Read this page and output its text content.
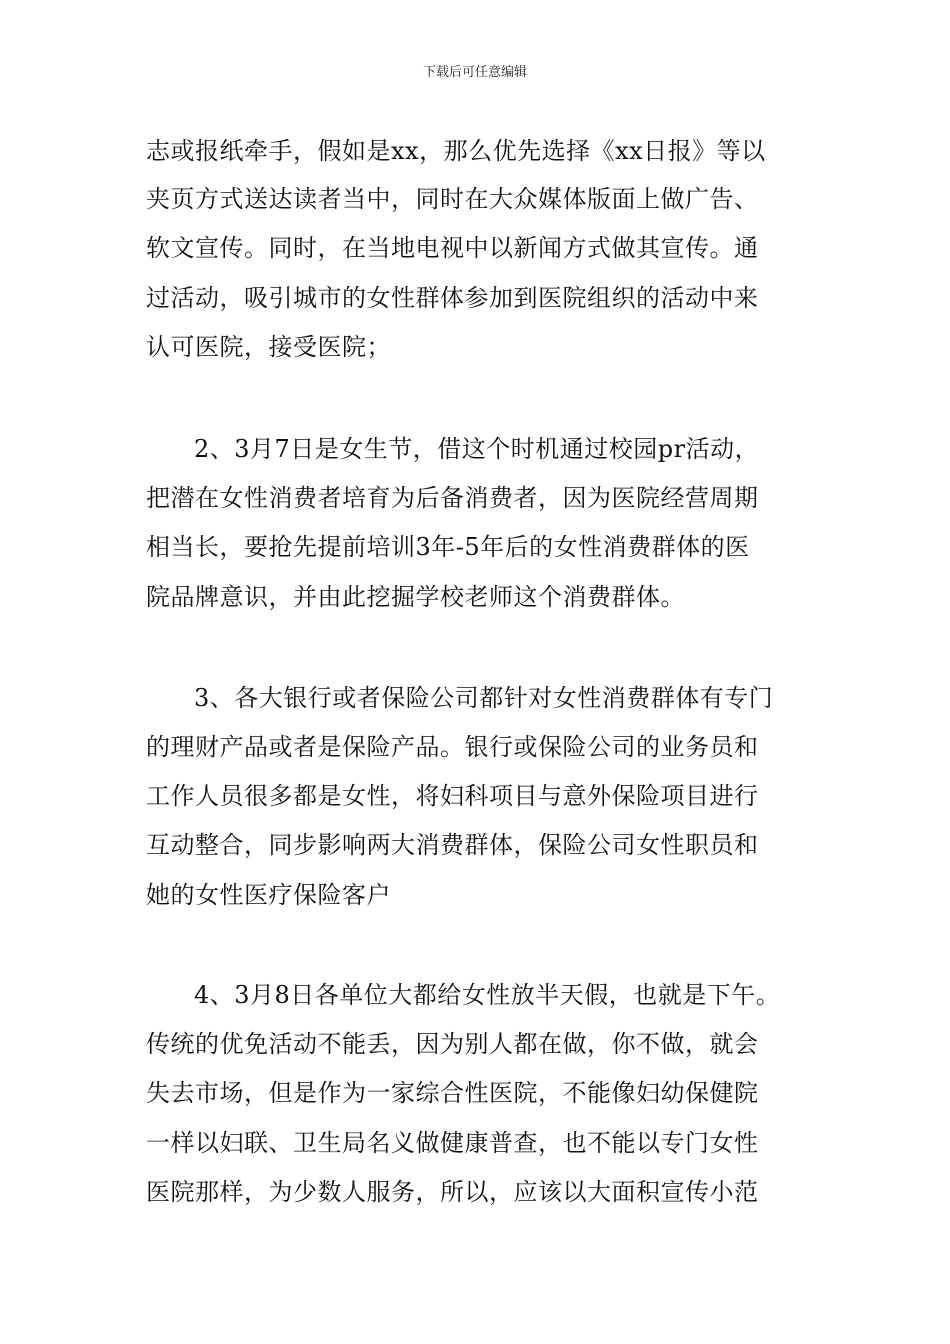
下载后可任意编辑
志或报纸牵手，假如是xx，那么优先选择《xx日报》等以
夹页方式送达读者当中，同时在大众媒体版面上做广告、
软文宣传。同时，在当地电视中以新闻方式做其宣传。通
过活动，吸引城市的女性群体参加到医院组织的活动中来
认可医院，接受医院；
2、3月7日是女生节，借这个时机通过校园pr活动，
把潜在女性消费者培育为后备消费者，因为医院经营周期
相当长，要抢先提前培训3年-5年后的女性消费群体的医
院品牌意识，并由此挖掘学校老师这个消费群体。
3、各大银行或者保险公司都针对女性消费群体有专门
的理财产品或者是保险产品。银行或保险公司的业务员和
工作人员很多都是女性，将妇科项目与意外保险项目进行
互动整合，同步影响两大消费群体，保险公司女性职员和
她的女性医疗保险客户
4、3月8日各单位大都给女性放半天假，也就是下午。
传统的优免活动不能丢，因为别人都在做，你不做，就会
失去市场，但是作为一家综合性医院，不能像妇幼保健院
一样以妇联、卫生局名义做健康普查，也不能以专门女性
医院那样，为少数人服务，所以，应该以大面积宣传小范
